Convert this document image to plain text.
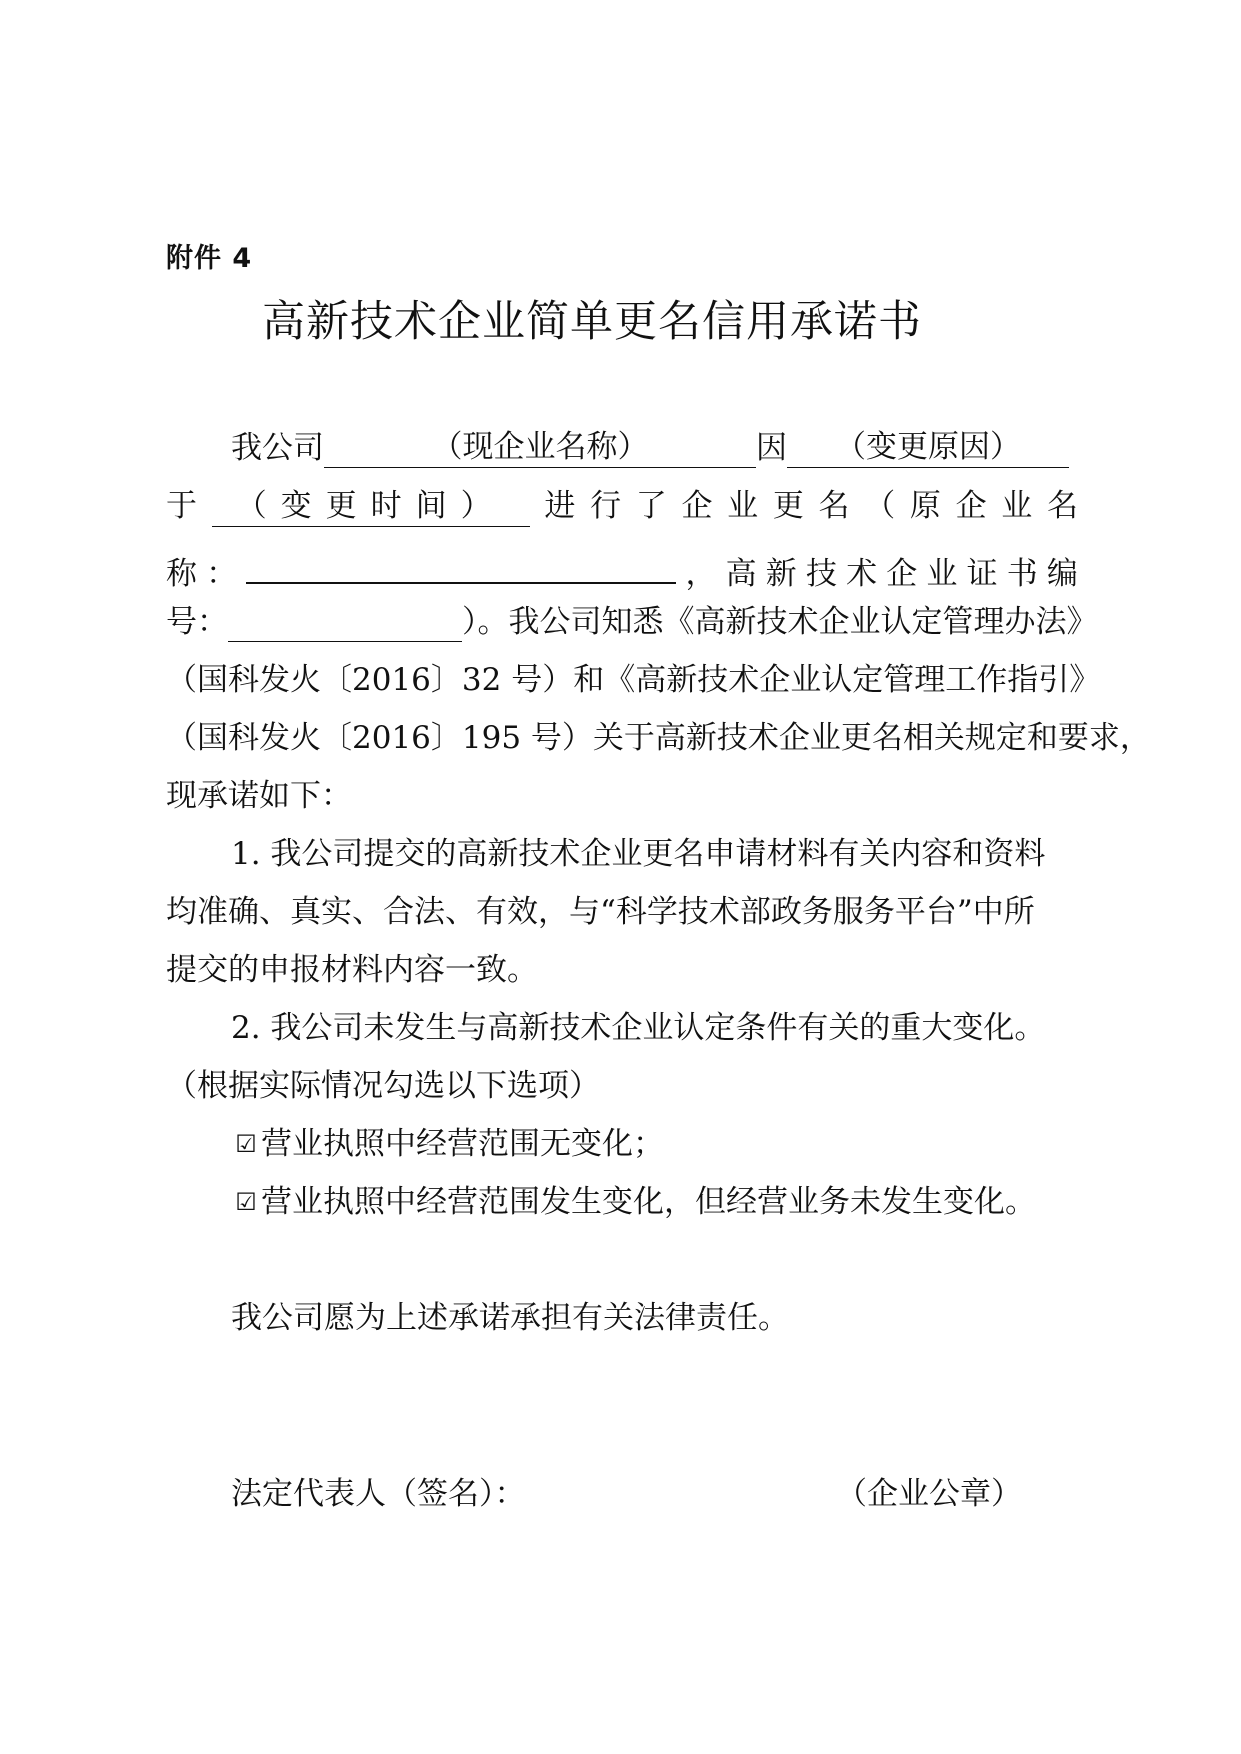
附件 4
高新技术企业简单更名信用承诺书
我公司	（现企业名称）	因 （变更原因）
于	（变更时间）	进 行 了 企 业 更 名 （ 原 企 业 名
称 ：	， 高 新 技 术 企 业 证 书 编
号：	）。我公司知悉《高新技术企业认定管理办法》
（国科发火〔2016〕32 号）和《高新技术企业认定管理工作指引》
（国科发火〔2016〕195 号）关于高新技术企业更名相关规定和要求，
现承诺如下：
1. 我公司提交的高新技术企业更名申请材料有关内容和资料
均准确、真实、合法、有效，与“科学技术部政务服务平台”中所
提交的申报材料内容一致。
2. 我公司未发生与高新技术企业认定条件有关的重大变化。
（根据实际情况勾选以下选项）
☑ 营业执照中经营范围无变化；
☑ 营业执照中经营范围发生变化，但经营业务未发生变化。
我公司愿为上述承诺承担有关法律责任。
法定代表人（签名）：	（企业公章）
